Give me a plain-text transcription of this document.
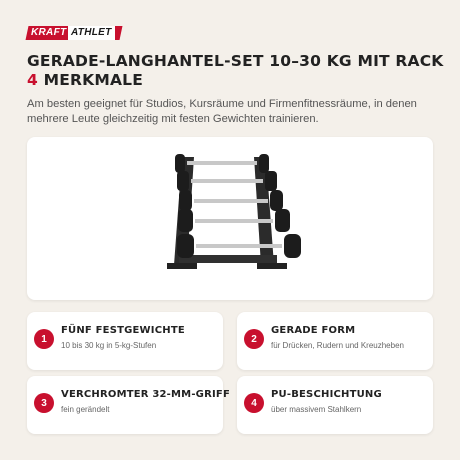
KRAFT ATHLET
GERADE-LANGHANTEL-SET 10–30 KG MIT RACK
4 MERKMALE
Am besten geeignet für Studios, Kursräume und Firmenfitnessräume, in denen mehrere Leute gleichzeitig mit festen Gewichten trainieren.
1
FÜNF FESTGEWICHTE
10 bis 30 kg in 5-kg-Stufen
2
GERADE FORM
für Drücken, Rudern und Kreuzheben
3
VERCHROMTER 32-MM-GRIFF
fein gerändelt
4
PU-BESCHICHTUNG
über massivem Stahlkern
